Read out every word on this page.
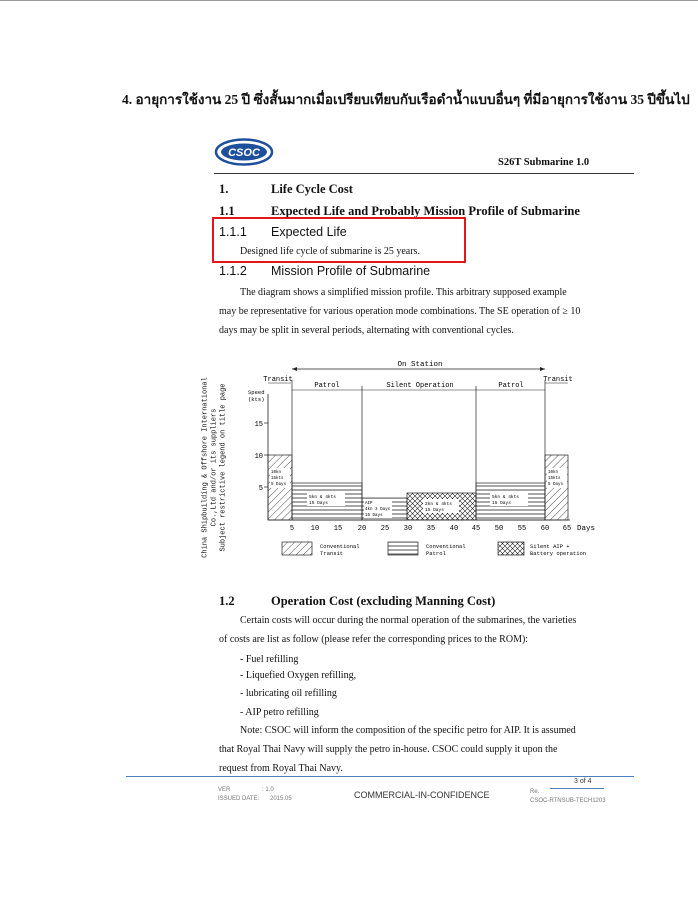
4. อายุการใช้งาน 25 ปี ซึ่งสั้นมากเมื่อเปรียบเทียบกับเรือดำน้ำแบบอื่นๆ ที่มีอายุการใช้งาน 35 ปีขึ้นไป
CSOC
S26T Submarine 1.0
1.	Life Cycle Cost
1.1	Expected Life and Probably Mission Profile of Submarine
1.1.1 Expected Life
Designed life cycle of submarine is 25 years.
1.1.2 Mission Profile of Submarine
The diagram shows a simplified mission profile. This arbitrary supposed example
may be representative for various operation mode combinations. The SE operation of ≥ 10
days may be split in several periods, alternating with conventional cycles.
China Shipbuilding & Offshore International Co.,Ltd and/or its suppliers Subject restrictive legend on title page
On Station
Transit
Patrol	Silent Operation	Patrol
Transit
Speed
(kts)
5
10
15
5 10 15 20 25 30 35 40 45 50 55 60 65 Days
10kn
15kts
5 Days
10kn
15kts
5 Days
5kn & 4kts
15 Days
5kn & 4kts
15 Days
AIP
4kn 3 Days
15 Days
2kn & 4kts
15 Days
Conventional
Transit
Conventional
Patrol
Silent AIP +
Battery operation
1.2	Operation Cost (excluding Manning Cost)
Certain costs will occur during the normal operation of the submarines, the varieties
of costs are list as follow (please refer the corresponding prices to the ROM):
- Fuel refilling
- Liquefied Oxygen refilling,
- lubricating oil refilling
- AIP petro refilling
Note: CSOC will inform the composition of the specific petro for AIP. It is assumed
that Royal Thai Navy will supply the petro in-house. CSOC could supply it upon the
request from Royal Thai Navy.
3 of 4
VER	: 1.0
ISSUED DATE: 2015.05	COMMERCIAL-IN-CONFIDENCE	Re.
CSOC-RTNSUB-TECH1203
